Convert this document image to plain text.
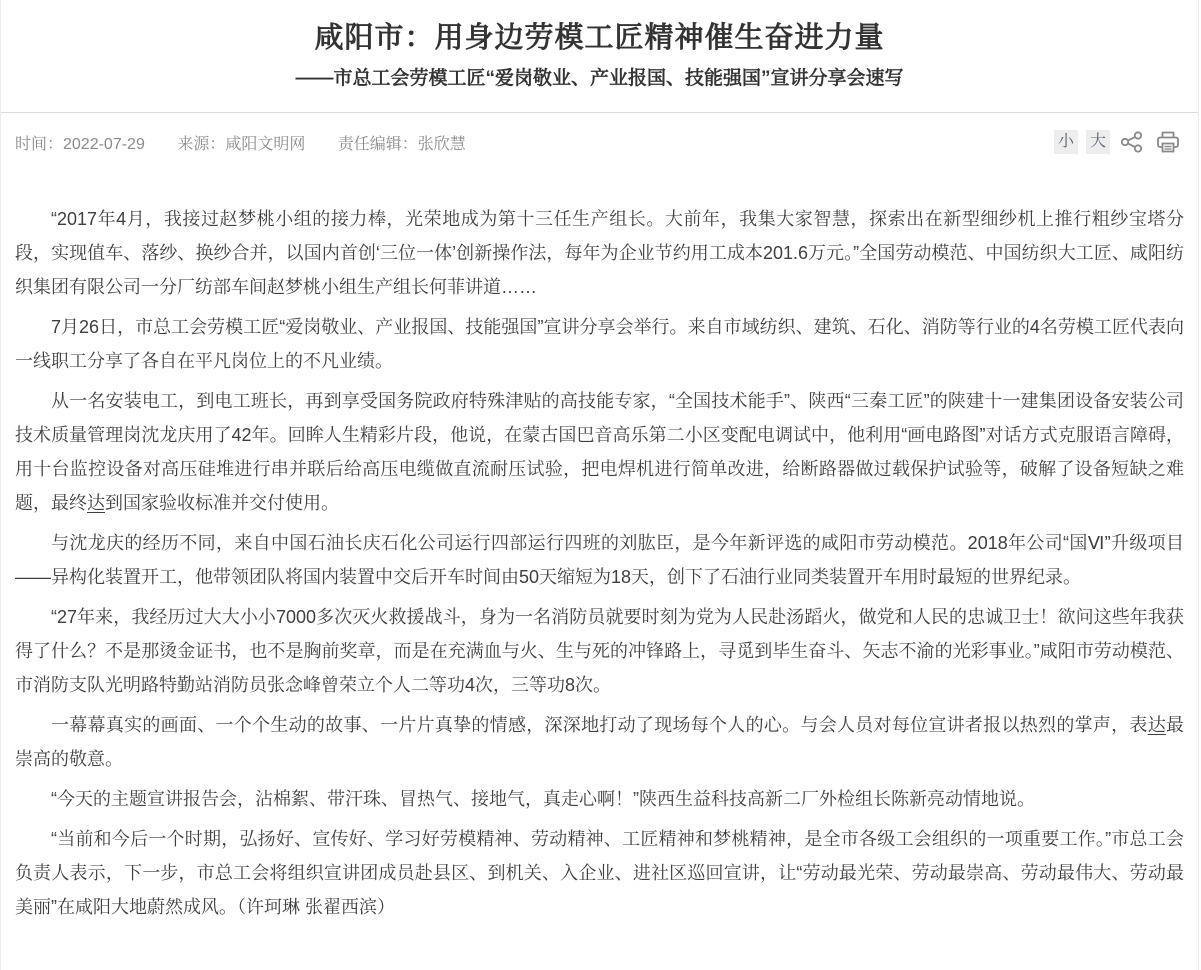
咸阳市：用身边劳模工匠精神催生奋进力量
——市总工会劳模工匠“爱岗敬业、产业报国、技能强国”宣讲分享会速写
时间：2022-07-29 来源：咸阳文明网 责任编辑：张欣慧	小 大

“2017年4月，我接过赵梦桃小组的接力棒，光荣地成为第十三任生产组长。大前年，我集大家智慧，探索出在新型细纱机上推行粗纱宝塔分段，实现值车、落纱、换纱合并，以国内首创‘三位一体’创新操作法，每年为企业节约用工成本201.6万元。”全国劳动模范、中国纺织大工匠、咸阳纺织集团有限公司一分厂纺部车间赵梦桃小组生产组长何菲讲道……

7月26日，市总工会劳模工匠“爱岗敬业、产业报国、技能强国”宣讲分享会举行。来自市域纺织、建筑、石化、消防等行业的4名劳模工匠代表向一线职工分享了各自在平凡岗位上的不凡业绩。

从一名安装电工，到电工班长，再到享受国务院政府特殊津贴的高技能专家，“全国技术能手”、陕西“三秦工匠”的陕建十一建集团设备安装公司技术质量管理岗沈龙庆用了42年。回眸人生精彩片段，他说，在蒙古国巴音高乐第二小区变配电调试中，他利用“画电路图”对话方式克服语言障碍，用十台监控设备对高压硅堆进行串并联后给高压电缆做直流耐压试验，把电焊机进行简单改进，给断路器做过载保护试验等，破解了设备短缺之难题，最终达到国家验收标准并交付使用。

与沈龙庆的经历不同，来自中国石油长庆石化公司运行四部运行四班的刘肱臣，是今年新评选的咸阳市劳动模范。2018年公司“国Ⅵ”升级项目——异构化装置开工，他带领团队将国内装置中交后开车时间由50天缩短为18天，创下了石油行业同类装置开车用时最短的世界纪录。

“27年来，我经历过大大小小7000多次灭火救援战斗，身为一名消防员就要时刻为党为人民赴汤蹈火，做党和人民的忠诚卫士！欲问这些年我获得了什么？不是那烫金证书，也不是胸前奖章，而是在充满血与火、生与死的冲锋路上，寻觅到毕生奋斗、矢志不渝的光彩事业。”咸阳市劳动模范、市消防支队光明路特勤站消防员张念峰曾荣立个人二等功4次，三等功8次。

一幕幕真实的画面、一个个生动的故事、一片片真挚的情感，深深地打动了现场每个人的心。与会人员对每位宣讲者报以热烈的掌声，表达最崇高的敬意。

“今天的主题宣讲报告会，沾棉絮、带汗珠、冒热气、接地气，真走心啊！”陕西生益科技高新二厂外检组长陈新亮动情地说。

“当前和今后一个时期，弘扬好、宣传好、学习好劳模精神、劳动精神、工匠精神和梦桃精神，是全市各级工会组织的一项重要工作。”市总工会负责人表示，下一步，市总工会将组织宣讲团成员赴县区、到机关、入企业、进社区巡回宣讲，让“劳动最光荣、劳动最崇高、劳动最伟大、劳动最美丽”在咸阳大地蔚然成风。（许珂琳 张翟西滨）
